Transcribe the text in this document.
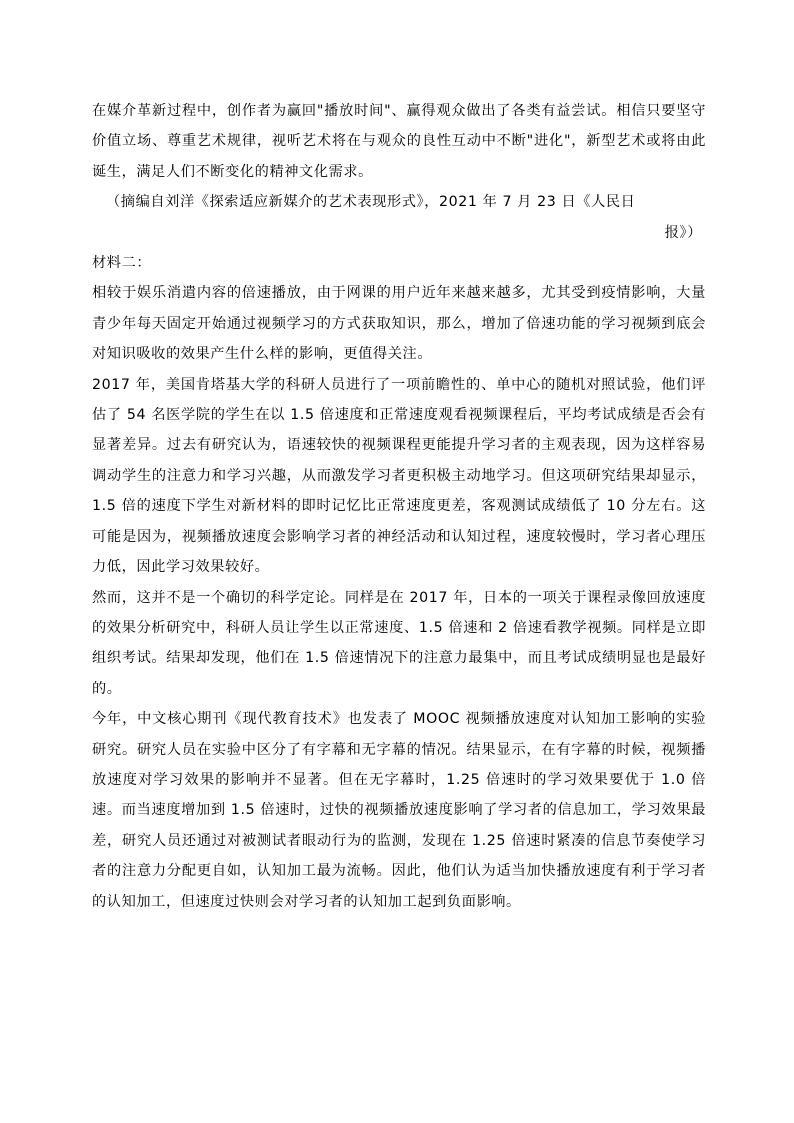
在媒介革新过程中，创作者为赢回"播放时间"、赢得观众做出了各类有益尝试。相信只要坚守价值立场、尊重艺术规律，视听艺术将在与观众的良性互动中不断"进化"，新型艺术或将由此诞生，满足人们不断变化的精神文化需求。

（摘编自刘洋《探索适应新媒介的艺术表现形式》，2021 年 7 月 23 日《人民日
报》）

材料二：

相较于娱乐消遣内容的倍速播放，由于网课的用户近年来越来越多，尤其受到疫情影响，大量青少年每天固定开始通过视频学习的方式获取知识，那么，增加了倍速功能的学习视频到底会对知识吸收的效果产生什么样的影响，更值得关注。

2017 年，美国肯塔基大学的科研人员进行了一项前瞻性的、单中心的随机对照试验，他们评估了 54 名医学院的学生在以 1.5 倍速度和正常速度观看视频课程后，平均考试成绩是否会有显著差异。过去有研究认为，语速较快的视频课程更能提升学习者的主观表现，因为这样容易调动学生的注意力和学习兴趣，从而激发学习者更积极主动地学习。但这项研究结果却显示，1.5 倍的速度下学生对新材料的即时记忆比正常速度更差，客观测试成绩低了 10 分左右。这可能是因为，视频播放速度会影响学习者的神经活动和认知过程，速度较慢时，学习者心理压力低，因此学习效果较好。

然而，这并不是一个确切的科学定论。同样是在 2017 年，日本的一项关于课程录像回放速度的效果分析研究中，科研人员让学生以正常速度、1.5 倍速和 2 倍速看教学视频。同样是立即组织考试。结果却发现，他们在 1.5 倍速情况下的注意力最集中，而且考试成绩明显也是最好的。

今年，中文核心期刊《现代教育技术》也发表了 MOOC 视频播放速度对认知加工影响的实验研究。研究人员在实验中区分了有字幕和无字幕的情况。结果显示，在有字幕的时候，视频播放速度对学习效果的影响并不显著。但在无字幕时，1.25 倍速时的学习效果要优于 1.0 倍速。而当速度增加到 1.5 倍速时，过快的视频播放速度影响了学习者的信息加工，学习效果最差，研究人员还通过对被测试者眼动行为的监测，发现在 1.25 倍速时紧凑的信息节奏使学习者的注意力分配更自如，认知加工最为流畅。因此，他们认为适当加快播放速度有利于学习者的认知加工，但速度过快则会对学习者的认知加工起到负面影响。
